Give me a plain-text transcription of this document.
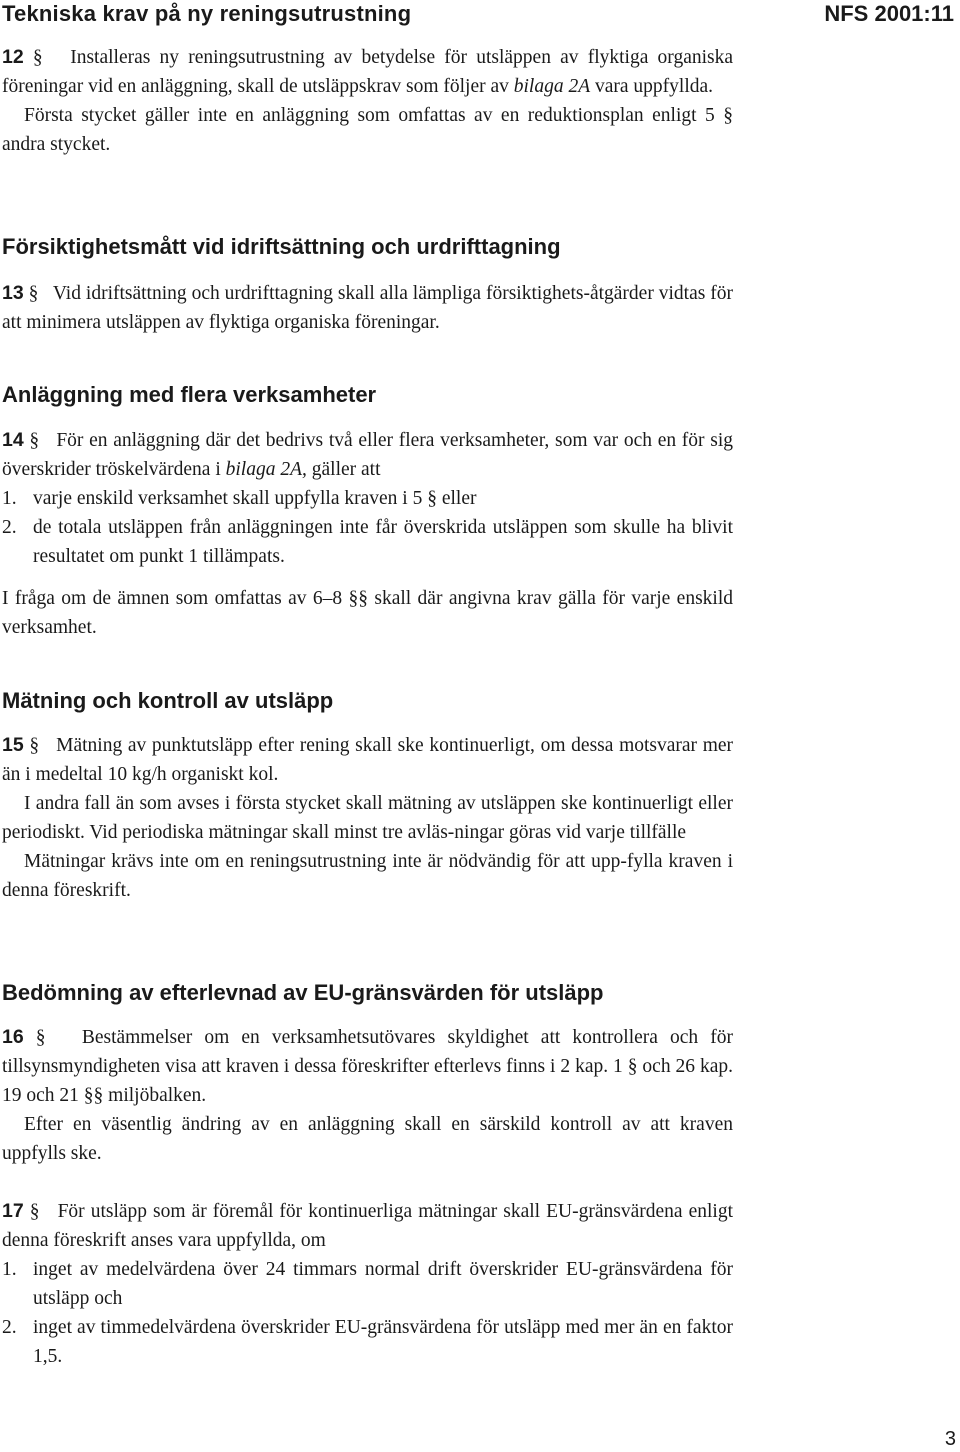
Tekniska krav på ny reningsutrustning	NFS 2001:11
12 § Installeras ny reningsutrustning av betydelse för utsläppen av flyktiga organiska föreningar vid en anläggning, skall de utsläppskrav som följer av bilaga 2A vara uppfyllda.
Första stycket gäller inte en anläggning som omfattas av en reduktionsplan enligt 5 § andra stycket.
Försiktighetsmått vid idriftsättning och urdrifttagning
13 § Vid idriftsättning och urdrifttagning skall alla lämpliga försiktighets-åtgärder vidtas för att minimera utsläppen av flyktiga organiska föreningar.
Anläggning med flera verksamheter
14 § För en anläggning där det bedrivs två eller flera verksamheter, som var och en för sig överskrider tröskelvärdena i bilaga 2A, gäller att
1. varje enskild verksamhet skall uppfylla kraven i 5 § eller
2. de totala utsläppen från anläggningen inte får överskrida utsläppen som skulle ha blivit resultatet om punkt 1 tillämpats.
I fråga om de ämnen som omfattas av 6–8 §§ skall där angivna krav gälla för varje enskild verksamhet.
Mätning och kontroll av utsläpp
15 § Mätning av punktutsläpp efter rening skall ske kontinuerligt, om dessa motsvarar mer än i medeltal 10 kg/h organiskt kol.
I andra fall än som avses i första stycket skall mätning av utsläppen ske kontinuerligt eller periodiskt. Vid periodiska mätningar skall minst tre avläs-ningar göras vid varje tillfälle
Mätningar krävs inte om en reningsutrustning inte är nödvändig för att upp-fylla kraven i denna föreskrift.
Bedömning av efterlevnad av EU-gränsvärden för utsläpp
16 § Bestämmelser om en verksamhetsutövares skyldighet att kontrollera och för tillsynsmyndigheten visa att kraven i dessa föreskrifter efterlevs finns i 2 kap. 1 § och 26 kap. 19 och 21 §§ miljöbalken.
Efter en väsentlig ändring av en anläggning skall en särskild kontroll av att kraven uppfylls ske.
17 § För utsläpp som är föremål för kontinuerliga mätningar skall EU-gränsvärdena enligt denna föreskrift anses vara uppfyllda, om
1. inget av medelvärdena över 24 timmars normal drift överskrider EU-gränsvärdena för utsläpp och
2. inget av timmedelvärdena överskrider EU-gränsvärdena för utsläpp med mer än en faktor 1,5.
3
